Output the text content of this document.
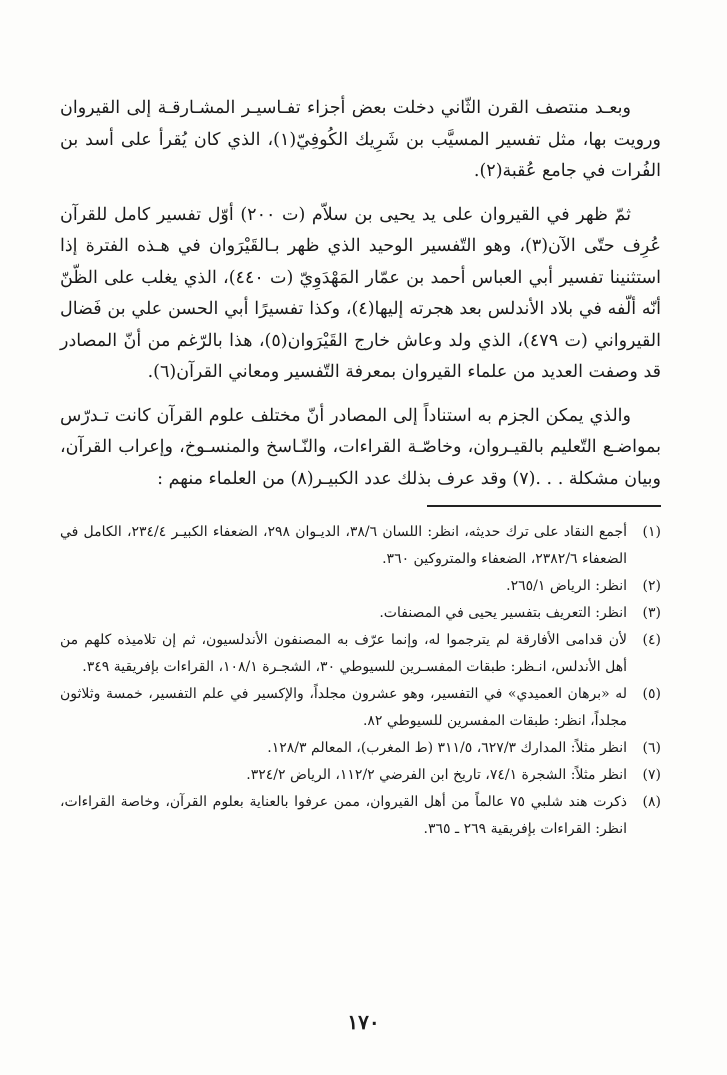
وبعـد منتصف القرن الثّاني دخلت بعض أجزاء تفـاسيـر المشـارقـة إلى القيروان ورويت بها، مثل تفسير المسيَّب بن شَرِيك الكُوفِيّ(١)، الذي كان يُقرأ على أسد بن الفُرات في جامع عُقبة(٢).

ثمّ ظهر في القيروان على يد يحيى بن سلاّم (ت ٢٠٠) أوّل تفسير كامل للقرآن عُرِف حتّى الآن(٣)، وهو التّفسير الوحيد الذي ظهر بـالقَيْرَوان في هـذه الفترة إذا استثنينا تفسير أبي العباس أحمد بن عمّار المَهْدَوِيّ (ت ٤٤٠)، الذي يغلب على الظّنّ أنّه ألّفه في بلاد الأندلس بعد هجرته إليها(٤)، وكذا تفسيرًا أبي الحسن علي بن فَضال القيرواني (ت ٤٧٩)، الذي ولد وعاش خارج القَيْرَوان(٥)، هذا بالرّغم من أنّ المصادر قد وصفت العديد من علماء القيروان بمعرفة التّفسير ومعاني القرآن(٦).

والذي يمكن الجزم به استناداً إلى المصادر أنّ مختلف علوم القرآن كانت تـدرّس بمواضـع التّعليم بالقيـروان، وخاصّـة القراءات، والنّـاسخ والمنسـوخ، وإعراب القرآن، وبيان مشكلة . . .(٧) وقد عرف بذلك عدد الكبيـر(٨) من العلماء منهم :

(١)
أجمع النقاد على ترك حديثه، انظر: اللسان ٣٨/٦، الديـوان ٢٩٨، الضعفاء الكبيـر ٢٣٤/٤، الكامل في الضعفاء ٢٣٨٢/٦، الضعفاء والمتروكين ٣٦٠.
(٢)
انظر: الرياض ٢٦٥/١.
(٣)
انظر: التعريف بتفسير يحيى في المصنفات.
(٤)
لأن قدامى الأفارقة لم يترجموا له، وإنما عرّف به المصنفون الأندلسيون، ثم إن تلاميذه كلهم من أهل الأندلس، انـظر: طبقات المفسـرين للسيوطي ٣٠، الشجـرة ١٠٨/١، القراءات بإفريقية ٣٤٩.
(٥)
له «برهان العميدي» في التفسير، وهو عشرون مجلداً، والإكسير في علم التفسير، خمسة وثلاثون مجلداً، انظر: طبقات المفسرين للسيوطي ٨٢.
(٦)
انظر مثلاً: المدارك ٦٢٧/٣، ٣١١/٥ (ط المغرب)، المعالم ١٢٨/٣.
(٧)
انظر مثلاً: الشجرة ٧٤/١، تاريخ ابن الفرضي ١١٢/٢، الرياض ٣٢٤/٢.
(٨)
ذكرت هند شلبي ٧٥ عالماً من أهل القيروان، ممن عرفوا بالعناية بعلوم القرآن، وخاصة القراءات، انظر: القراءات بإفريقية ٢٦٩ ـ ٣٦٥.
١٧٠
